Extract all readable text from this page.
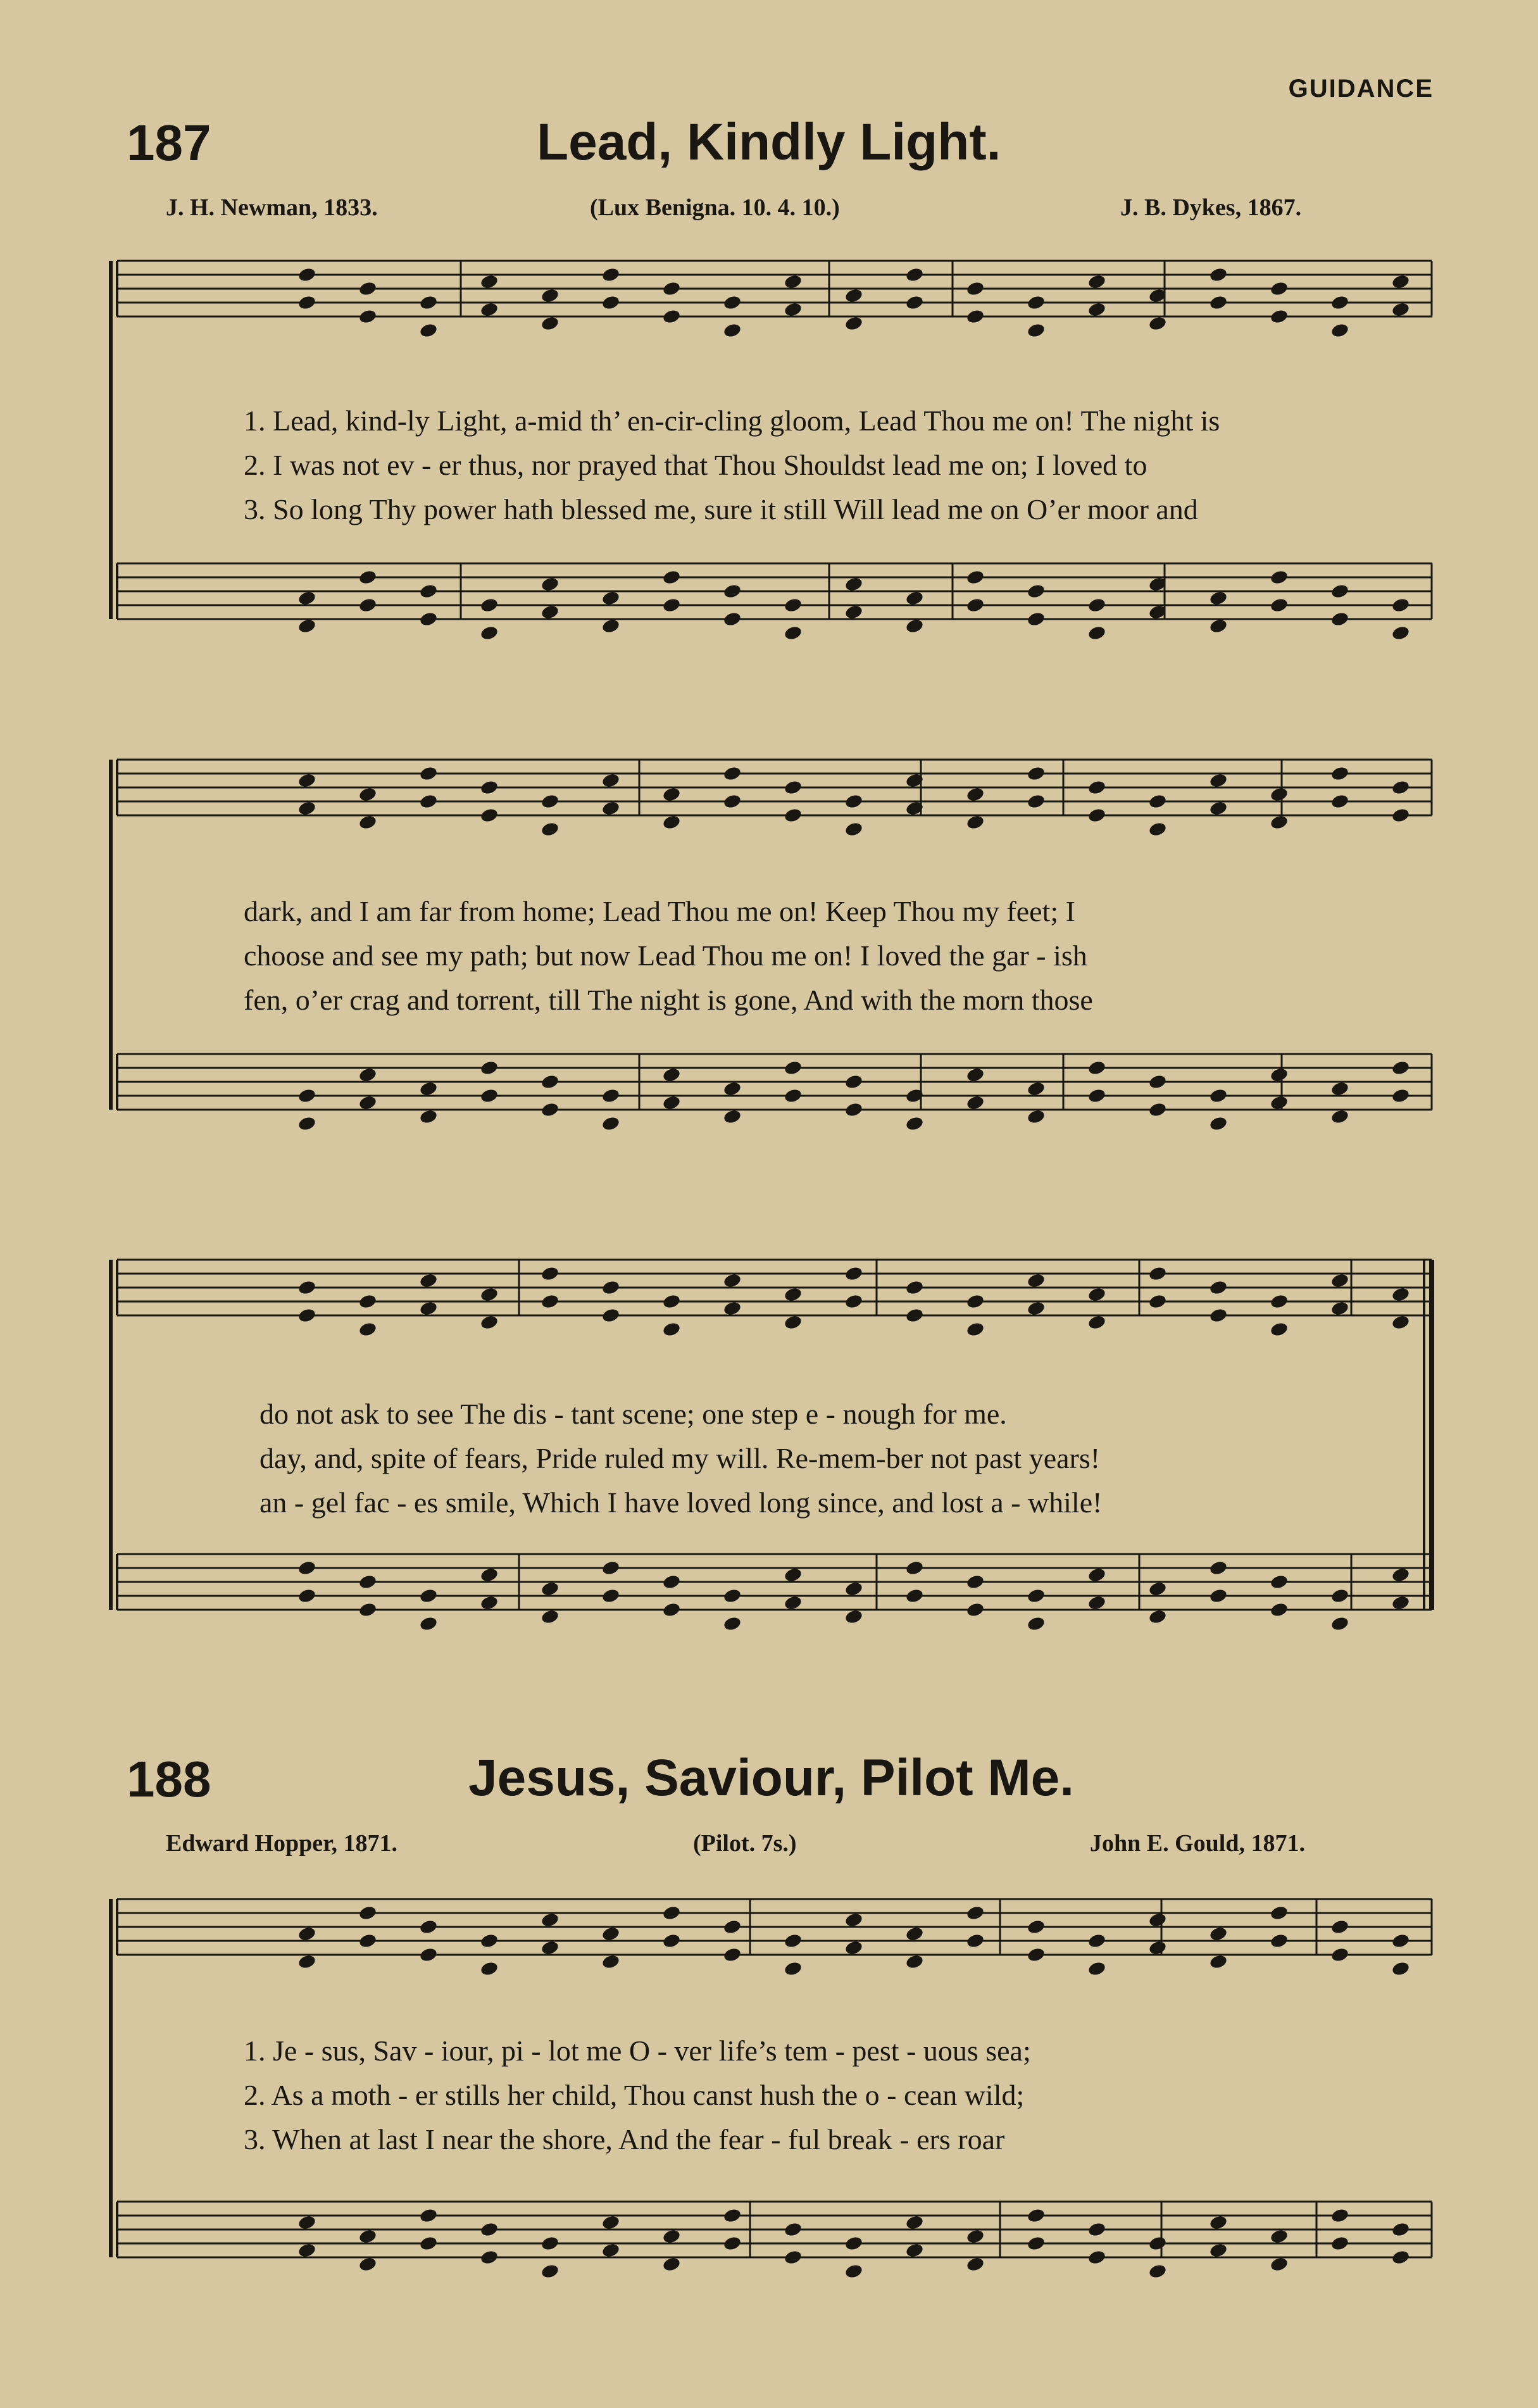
GUIDANCE
187	Lead, Kindly Light.
J. H. Newman, 1833.	(Lux Benigna. 10. 4. 10.)	J. B. Dykes, 1867.
1. Lead, kind-ly Light, a-mid th’ en-cir-cling gloom, Lead Thou me on! The night is
2. I was not ev - er thus, nor prayed that Thou Shouldst lead me on; I loved to
3. So long Thy power hath blessed me, sure it still Will lead me on O’er moor and
dark, and I am far from home; Lead Thou me on! Keep Thou my feet; I
choose and see my path; but now Lead Thou me on! I loved the gar - ish
fen, o’er crag and torrent, till The night is gone, And with the morn those
do not ask to see The dis - tant scene; one step e - nough for me.
day, and, spite of fears, Pride ruled my will. Re-mem-ber not past years!
an - gel fac - es smile, Which I have loved long since, and lost a - while!
188	Jesus, Saviour, Pilot Me.
Edward Hopper, 1871.	(Pilot. 7s.)	John E. Gould, 1871.
1. Je - sus, Sav - iour, pi - lot me O - ver life’s tem - pest - uous sea;
2. As a moth - er stills her child, Thou canst hush the o - cean wild;
3. When at last I near the shore, And the fear - ful break - ers roar
